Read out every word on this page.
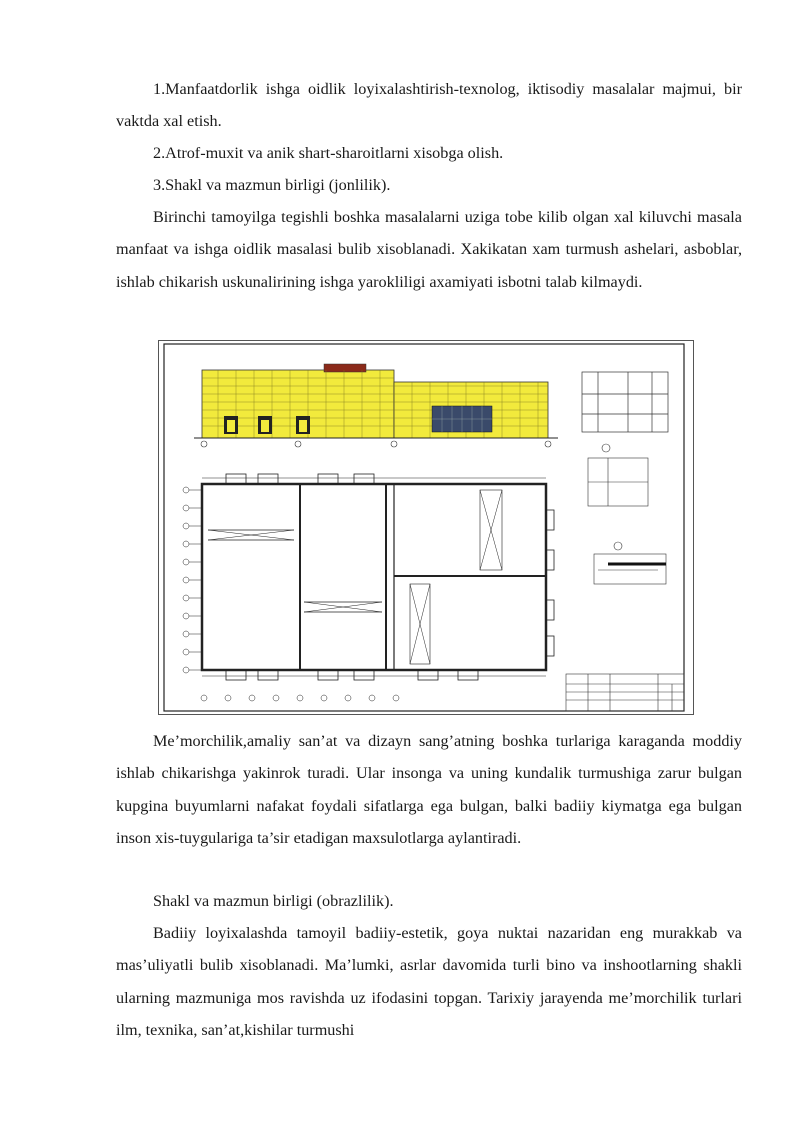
1.Manfaatdorlik ishga oidlik loyixalashtirish-texnolog, iktisodiy masalalar majmui, bir vaktda xal etish.

2.Atrof-muxit va anik shart-sharoitlarni xisobga olish.

3.Shakl va mazmun birligi (jonlilik).

Birinchi tamoyilga tegishli boshka masalalarni uziga tobe kilib olgan xal kiluvchi masala manfaat va ishga oidlik masalasi bulib xisoblanadi. Xakikatan xam turmush ashelari, asboblar, ishlab chikarish uskunalirining ishga yarokliligi axamiyati isbotni talab kilmaydi.

Me’morchilik,amaliy san’at va dizayn sang’atning boshka turlariga karaganda moddiy ishlab chikarishga yakinrok turadi. Ular insonga va uning kundalik turmushiga zarur bulgan kupgina buyumlarni nafakat foydali sifatlarga ega bulgan, balki badiiy kiymatga ega bulgan inson xis-tuygulariga ta’sir etadigan maxsulotlarga aylantiradi.

Shakl va mazmun birligi (obrazlilik).

Badiiy loyixalashda tamoyil badiiy-estetik, goya nuktai nazaridan eng murakkab va mas’uliyatli bulib xisoblanadi. Ma’lumki, asrlar davomida turli bino va inshootlarning shakli ularning mazmuniga mos ravishda uz ifodasini topgan. Tarixiy jarayenda me’morchilik turlari ilm, texnika, san’at,kishilar turmushi
